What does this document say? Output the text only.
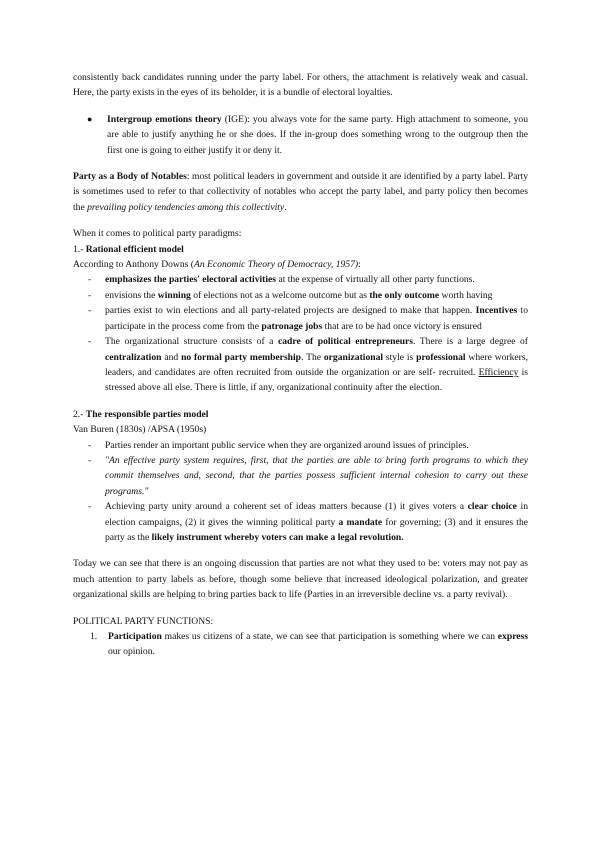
consistently back candidates running under the party label. For others, the attachment is relatively weak and casual. Here, the party exists in the eyes of its beholder, it is a bundle of electoral loyalties.

●	Intergroup emotions theory (IGE): you always vote for the same party. High attachment to someone, you are able to justify anything he or she does. If the in-group does something wrong to the outgroup then the first one is going to either justify it or deny it.

Party as a Body of Notables: most political leaders in government and outside it are identified by a party label. Party is sometimes used to refer to that collectivity of notables who accept the party label, and party policy then becomes the prevailing policy tendencies among this collectivity.

When it comes to political party paradigms:

1.- Rational efficient model

According to Anthony Downs (An Economic Theory of Democracy, 1957):

-	emphasizes the parties' electoral activities at the expense of virtually all other party functions.
-	envisions the winning of elections not as a welcome outcome but as the only outcome worth having
-	parties exist to win elections and all party-related projects are designed to make that happen. Incentives to participate in the process come from the patronage jobs that are to be had once victory is ensured
-	The organizational structure consists of a cadre of political entrepreneurs. There is a large degree of centralization and no formal party membership. The organizational style is professional where workers, leaders, and candidates are often recruited from outside the organization or are self- recruited. Efficiency is stressed above all else. There is little, if any, organizational continuity after the election.

2.- The responsible parties model

Van Buren (1830s) /APSA (1950s)

-	Parties render an important public service when they are organized around issues of principles.
-	"An effective party system requires, first, that the parties are able to bring forth programs to which they commit themselves and, second, that the parties possess sufficient internal cohesion to carry out these programs."
-	Achieving party unity around a coherent set of ideas matters because (1) it gives voters a clear choice in election campaigns, (2) it gives the winning political party a mandate for governing; (3) and it ensures the party as the likely instrument whereby voters can make a legal revolution.

Today we can see that there is an ongoing discussion that parties are not what they used to be: voters may not pay as much attention to party labels as before, though some believe that increased ideological polarization, and greater organizational skills are helping to bring parties back to life (Parties in an irreversible decline vs. a party revival).

POLITICAL PARTY FUNCTIONS:

1.	Participation makes us citizens of a state, we can see that participation is something where we can express our opinion.
